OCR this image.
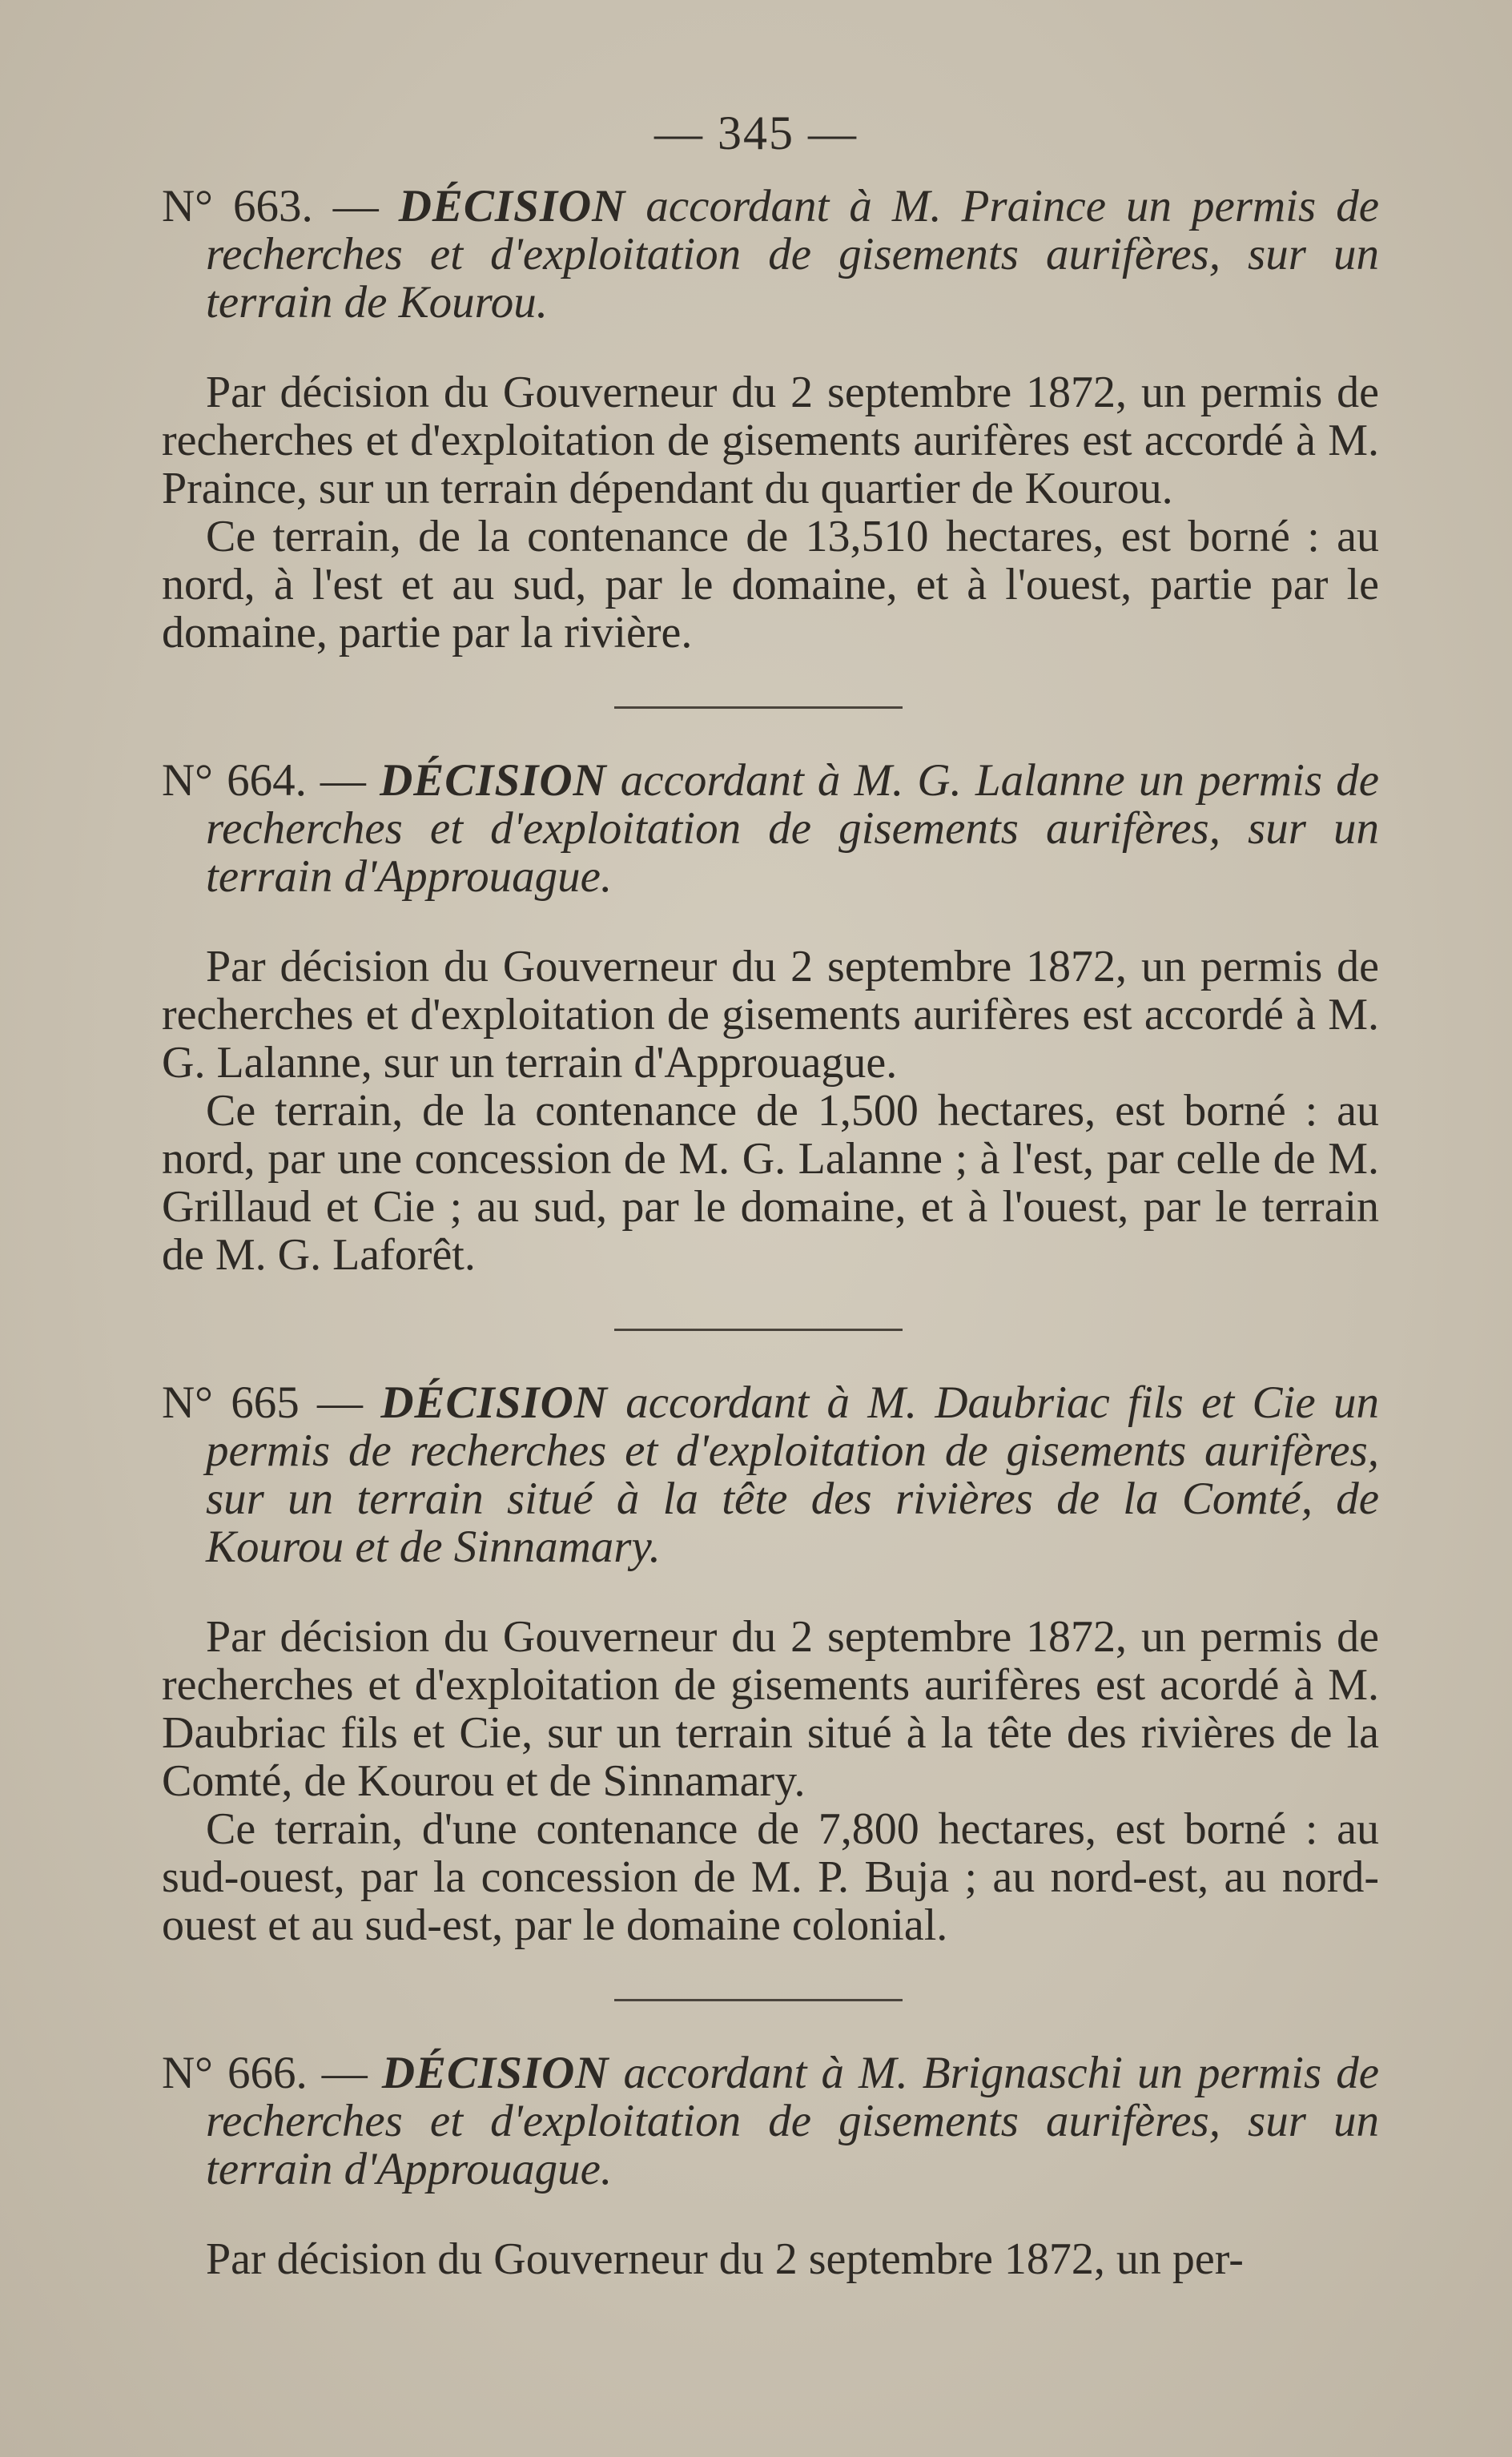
— 345 —

N° 663. — DÉCISION accordant à M. Praince un permis de recherches et d'exploitation de gisements aurifères, sur un terrain de Kourou.

Par décision du Gouverneur du 2 septembre 1872, un permis de recherches et d'exploitation de gisements aurifères est accordé à M. Praince, sur un terrain dépendant du quartier de Kourou.

Ce terrain, de la contenance de 13,510 hectares, est borné : au nord, à l'est et au sud, par le domaine, et à l'ouest, partie par le domaine, partie par la rivière.

N° 664. — DÉCISION accordant à M. G. Lalanne un permis de recherches et d'exploitation de gisements aurifères, sur un terrain d'Approuague.

Par décision du Gouverneur du 2 septembre 1872, un permis de recherches et d'exploitation de gisements aurifères est accordé à M. G. Lalanne, sur un terrain d'Approuague.

Ce terrain, de la contenance de 1,500 hectares, est borné : au nord, par une concession de M. G. Lalanne ; à l'est, par celle de M. Grillaud et Cie ; au sud, par le domaine, et à l'ouest, par le terrain de M. G. Laforêt.

N° 665 — DÉCISION accordant à M. Daubriac fils et Cie un permis de recherches et d'exploitation de gisements aurifères, sur un terrain situé à la tête des rivières de la Comté, de Kourou et de Sinnamary.

Par décision du Gouverneur du 2 septembre 1872, un permis de recherches et d'exploitation de gisements aurifères est acordé à M. Daubriac fils et Cie, sur un terrain situé à la tête des rivières de la Comté, de Kourou et de Sinnamary.

Ce terrain, d'une contenance de 7,800 hectares, est borné : au sud-ouest, par la concession de M. P. Buja ; au nord-est, au nord-ouest et au sud-est, par le domaine colonial.

N° 666. — DÉCISION accordant à M. Brignaschi un permis de recherches et d'exploitation de gisements aurifères, sur un terrain d'Approuague.

Par décision du Gouverneur du 2 septembre 1872, un per-
